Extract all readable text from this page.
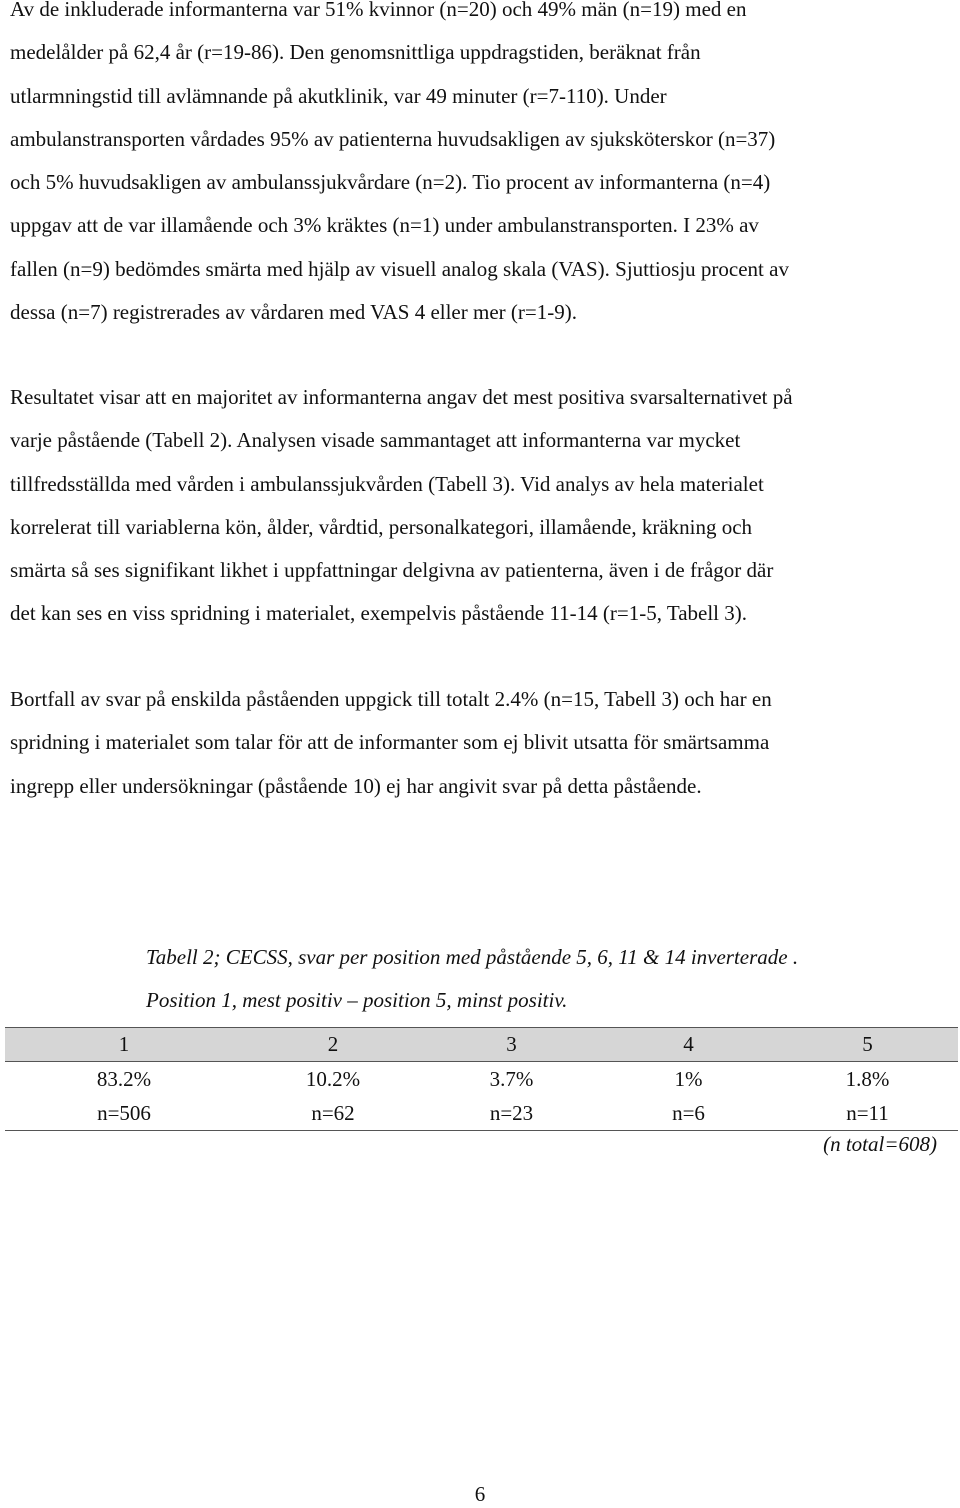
Av de inkluderade informanterna var 51% kvinnor (n=20) och 49% män (n=19) med en
medelålder på 62,4 år (r=19-86). Den genomsnittliga uppdragstiden, beräknat från
utlarmningstid till avlämnande på akutklinik, var 49 minuter (r=7-110). Under
ambulanstransporten vårdades 95% av patienterna huvudsakligen av sjuksköterskor (n=37)
och 5% huvudsakligen av ambulanssjukvårdare (n=2). Tio procent av informanterna (n=4)
uppgav att de var illamående och 3% kräktes (n=1) under ambulanstransporten. I 23% av
fallen (n=9) bedömdes smärta med hjälp av visuell analog skala (VAS). Sjuttiosju procent av
dessa (n=7) registrerades av vårdaren med VAS 4 eller mer (r=1-9).
Resultatet visar att en majoritet av informanterna angav det mest positiva svarsalternativet på
varje påstående (Tabell 2). Analysen visade sammantaget att informanterna var mycket
tillfredsställda med vården i ambulanssjukvården (Tabell 3). Vid analys av hela materialet
korrelerat till variablerna kön, ålder, vårdtid, personalkategori, illamående, kräkning och
smärta så ses signifikant likhet i uppfattningar delgivna av patienterna, även i de frågor där
det kan ses en viss spridning i materialet, exempelvis påstående 11-14 (r=1-5, Tabell 3).
Bortfall av svar på enskilda påståenden uppgick till totalt 2.4% (n=15, Tabell 3) och har en
spridning i materialet som talar för att de informanter som ej blivit utsatta för smärtsamma
ingrepp eller undersökningar (påstående 10) ej har angivit svar på detta påstående.
Tabell 2; CECSS, svar per position med påstående 5, 6, 11 & 14 inverterade .
Position 1, mest positiv – position 5, minst positiv.
1	2	3	4	5
83.2%	10.2%	3.7%	1%	1.8%
n=506	n=62	n=23	n=6	n=11
(n total=608)
6
